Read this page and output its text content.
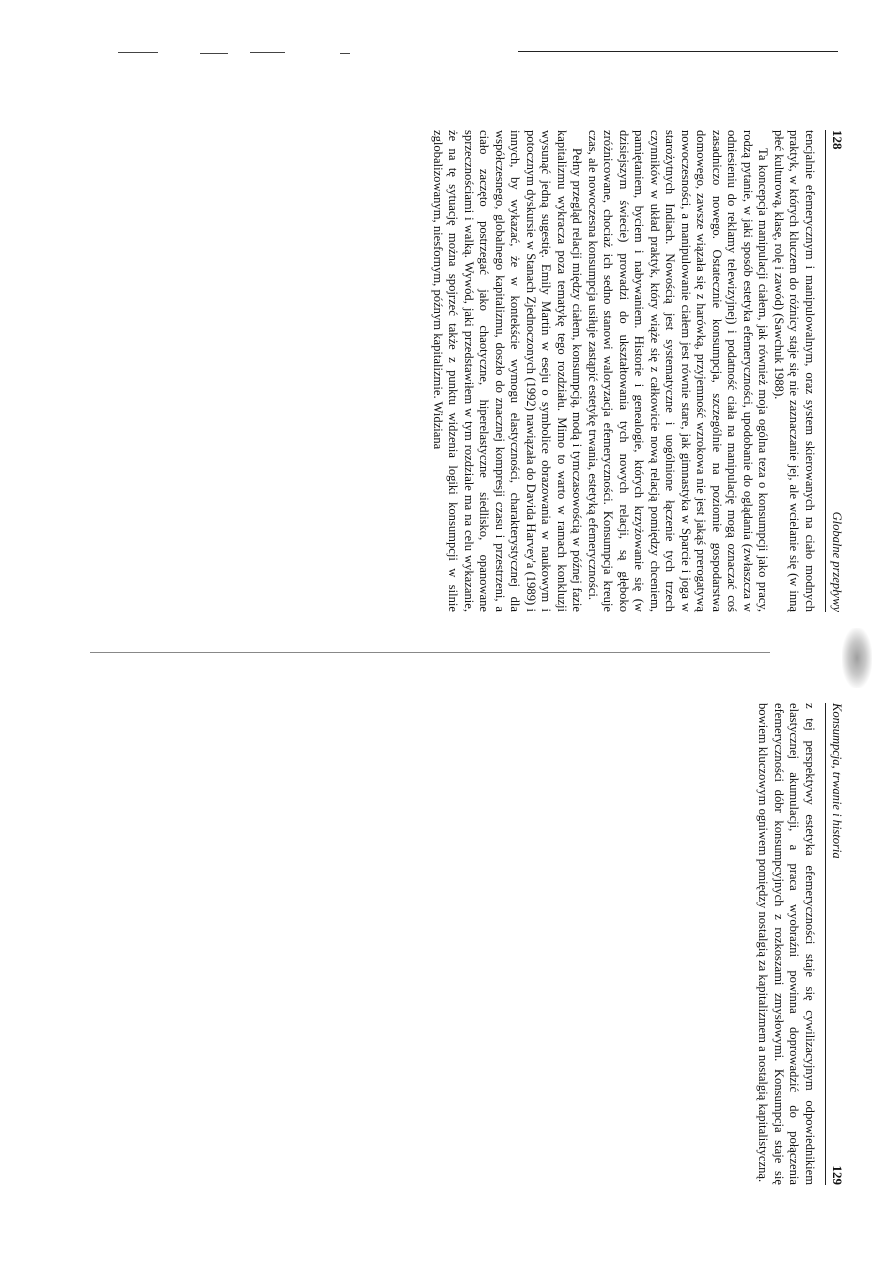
128
Globalne przepływy

tencjalnie efemerycznym i manipulowalnym, oraz system skierowanych na ciało modnych praktyk, w których kluczem do różnicy staje się nie zaznaczanie jej, ale wcielanie się (w inną płeć kulturową, klasę, rolę i zawód) (Sawchuk 1988).

Ta koncepcja manipulacji ciałem, jak również moja ogólna teza o konsumpcji jako pracy, rodzą pytanie, w jaki sposób estetyka efemeryczności, upodobanie do oglądania (zwłaszcza w odniesieniu do reklamy telewizyjnej) i podatność ciała na manipulację mogą oznaczać coś zasadniczo nowego. Ostatecznie konsumpcja, szczególnie na poziomie gospodarstwa domowego, zawsze wiązała się z harówką, przyjemność wzrokowa nie jest jakąś prerogatywą nowoczesności, a manipulowanie ciałem jest równie stare, jak gimnastyka w Sparcie i joga w starożytnych Indiach. Nowością jest systematyczne i uogólnione łączenie tych trzech czynników w układ praktyk, który wiąże się z całkowicie nową relacją pomiędzy chceniem, pamiętaniem, byciem i nabywaniem. Historie i genealogie, których krzyżowanie się (w dzisiejszym świecie) prowadzi do ukształtowania tych nowych relacji, są głęboko zróżnicowane, chociaż ich sedno stanowi waloryzacja efemeryczności. Konsumpcja kreuje czas, ale nowoczesna konsumpcja usiłuje zastąpić estetykę trwania, estetyką efemeryczności.

Pełny przegląd relacji między ciałem, konsumpcją, modą i tymczasowością w późnej fazie kapitalizmu wykracza poza tematykę tego rozdziału. Mimo to warto w ramach konkluzji wysunąć jedną sugestię. Emily Martin w eseju o symbolice obrazowania w naukowym i potocznym dyskursie w Stanach Zjednoczonych (1992) nawiązała do Davida Harvey'a (1989) i innych, by wykazać, że w kontekście wymogu elastyczności, charakterystycznej dla współczesnego, globalnego kapitalizmu, doszło do znacznej kompresji czasu i przestrzeni, a ciało zaczęto postrzegać jako chaotyczne, hiperelastyczne siedlisko, opanowane sprzecznościami i walką. Wywód, jaki przedstawiłem w tym rozdziale ma na celu wykazanie, że na tę sytuację można spojrzeć także z punktu widzenia logiki konsumpcji w silnie zglobalizowanym, niesfornym, późnym kapitalizmie. Widziana

Konsumpcja, trwanie i historia
129

z tej perspektywy estetyka efemeryczności staje się cywilizacyjnym odpowiednikiem elastycznej akumulacji, a praca wyobraźni powinna doprowadzić do połączenia efemeryczności dóbr konsumpcyjnych z rozkoszami zmysłowymi. Konsumpcja staje się bowiem kluczowym ogniwem pomiędzy nostalgią za kapitalizmem a nostalgią kapitalistyczną.
